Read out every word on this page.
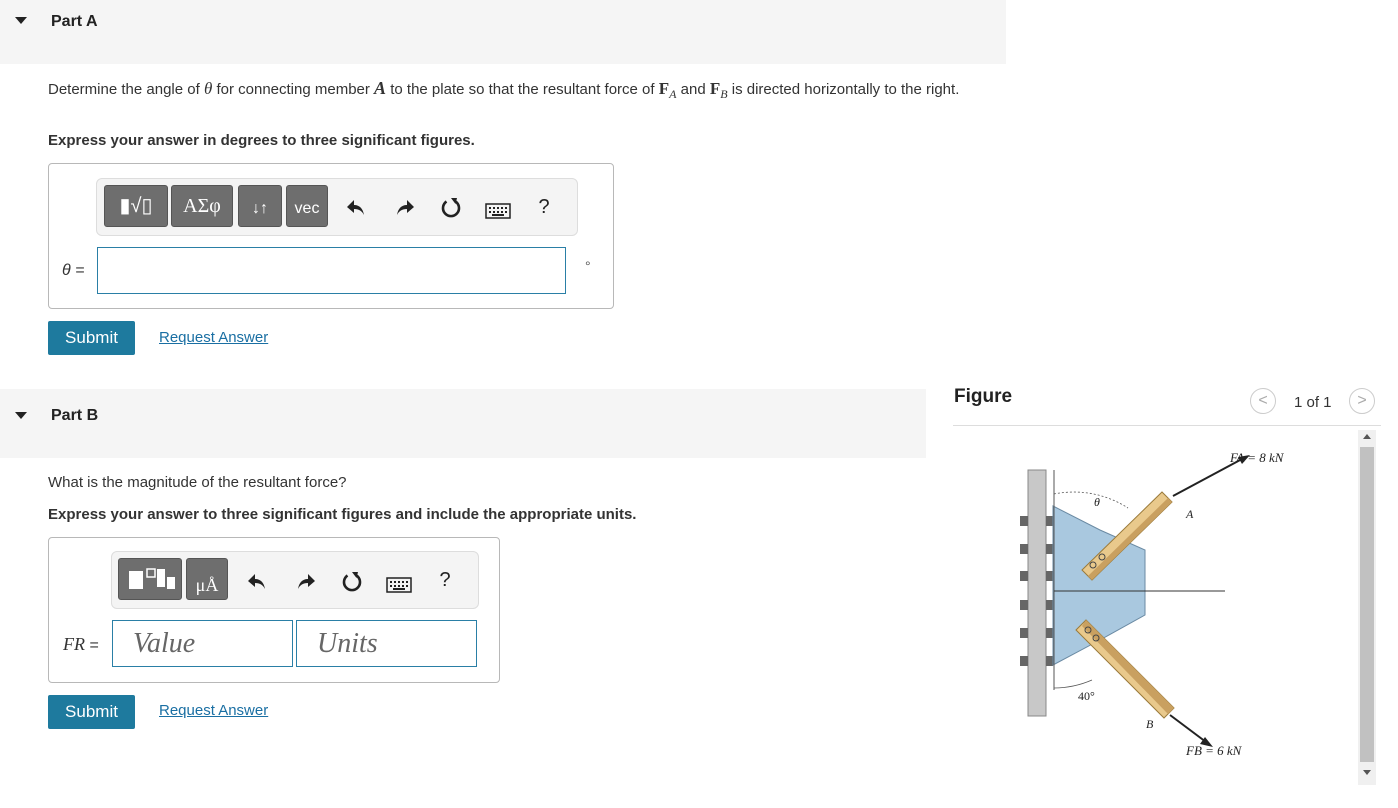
Part A
Determine the angle of θ for connecting member A to the plate so that the resultant force of $F_A$ and $F_B$ is directed horizontally to the right.
Express your answer in degrees to three significant figures.
▮√▯	ΑΣφ	↓↑	vec	?
θ =	°
Submit	Request Answer
Part B
What is the magnitude of the resultant force?
Express your answer to three significant figures and include the appropriate units.
μÅ	?
FR =	Value	Units
Submit	Request Answer
Figure	<	1 of 1	>
FA = 8 kN
FB = 6 kN
θ
A
B
40°
